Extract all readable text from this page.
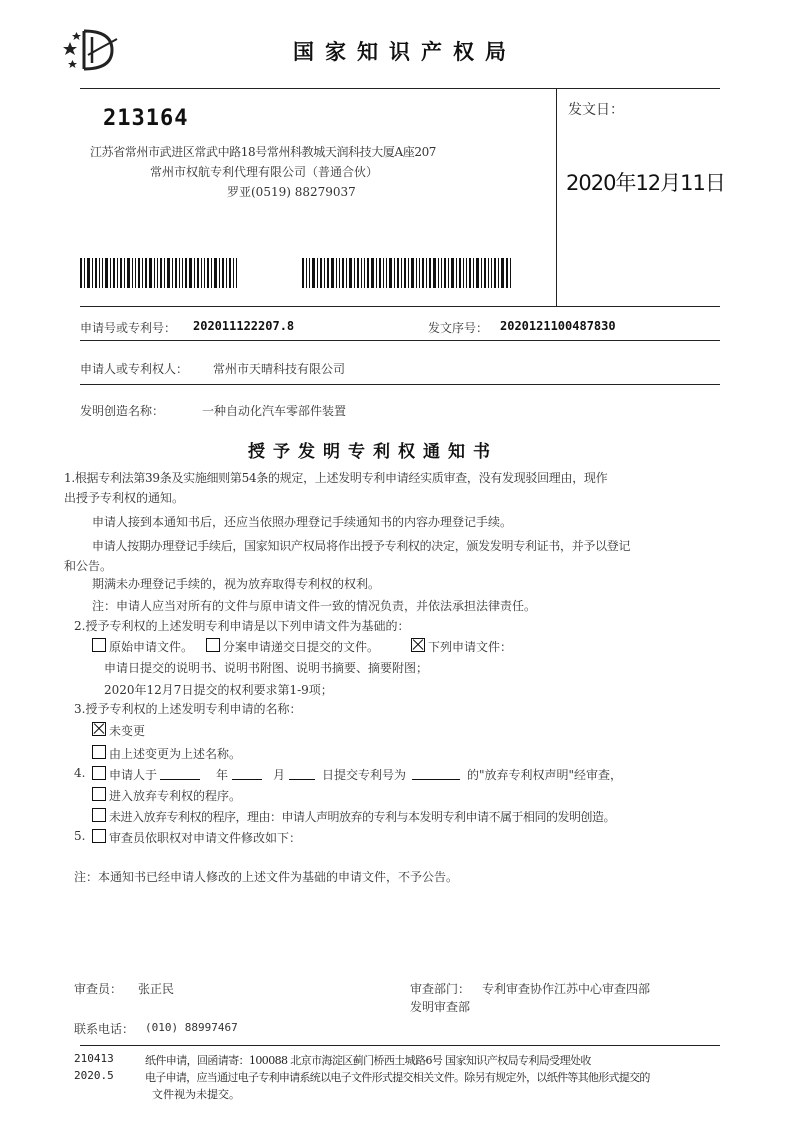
国家知识产权局
213164
江苏省常州市武进区常武中路18号常州科教城天润科技大厦A座207
常州市权航专利代理有限公司（普通合伙）
罗亚(0519) 88279037
发文日：
2020年12月11日
申请号或专利号： 202011122207.8	发文序号： 2020121100487830
申请人或专利权人： 常州市天晴科技有限公司
发明创造名称：	一种自动化汽车零部件装置
授予发明专利权通知书
1.根据专利法第39条及实施细则第54条的规定，上述发明专利申请经实质审查，没有发现驳回理由，现作
出授予专利权的通知。
申请人接到本通知书后，还应当依照办理登记手续通知书的内容办理登记手续。
申请人按期办理登记手续后，国家知识产权局将作出授予专利权的决定，颁发发明专利证书，并予以登记
和公告。
期满未办理登记手续的，视为放弃取得专利权的权利。
注：申请人应当对所有的文件与原申请文件一致的情况负责，并依法承担法律责任。
2.授予专利权的上述发明专利申请是以下列申请文件为基础的：
原始申请文件。 分案申请递交日提交的文件。	下列申请文件：
申请日提交的说明书、说明书附图、说明书摘要、摘要附图；
2020年12月7日提交的权利要求第1-9项；
3.授予专利权的上述发明专利申请的名称：
未变更
由上述变更为上述名称。
4. 申请人于	年	月	日提交专利号为	的"放弃专利权声明"经审查，
进入放弃专利权的程序。
未进入放弃专利权的程序，理由：申请人声明放弃的专利与本发明专利申请不属于相同的发明创造。
5. 审查员依职权对申请文件修改如下：
注：本通知书已经申请人修改的上述文件为基础的申请文件，不予公告。
审查员： 张正民	审查部门： 专利审查协作江苏中心审查四部
发明审查部
联系电话： (010) 88997467
210413
2020.5
纸件申请，回函请寄：100088 北京市海淀区蓟门桥西土城路6号 国家知识产权局专利局受理处收
电子申请，应当通过电子专利申请系统以电子文件形式提交相关文件。除另有规定外，以纸件等其他形式提交的
文件视为未提交。
